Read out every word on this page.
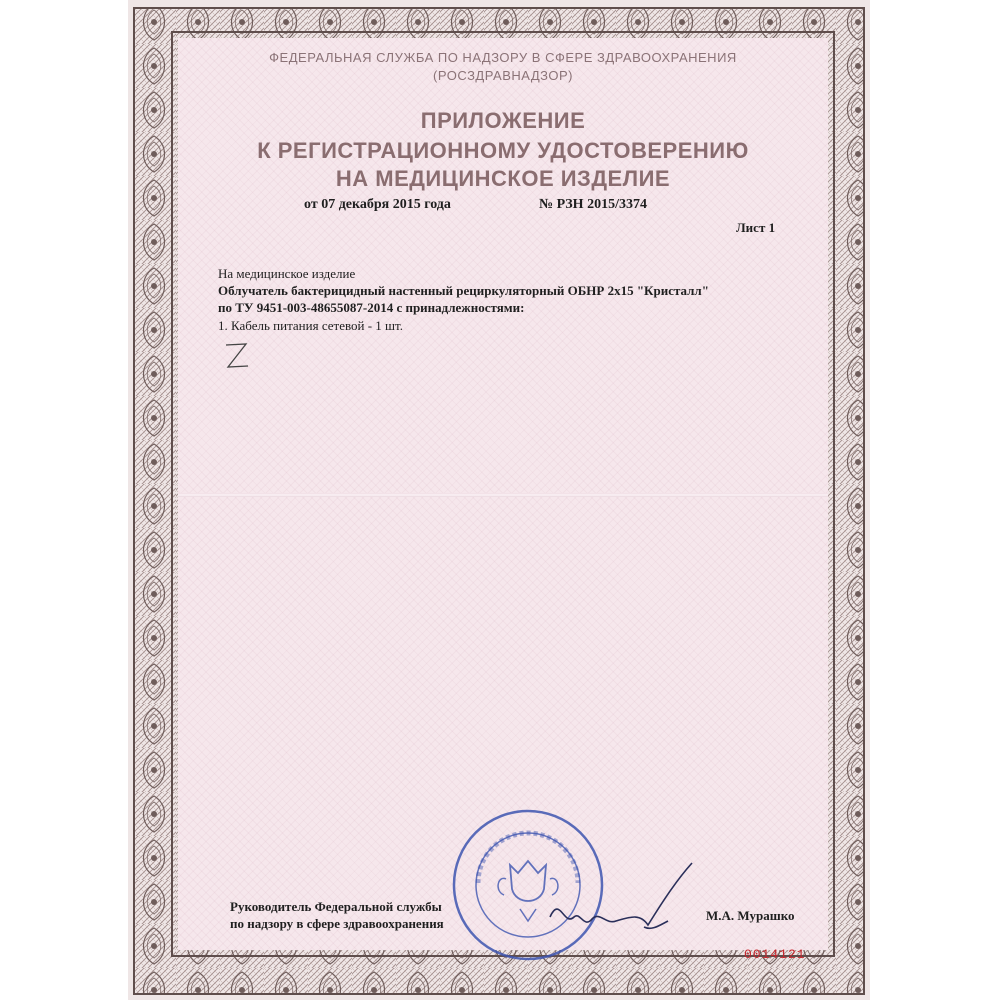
ФЕДЕРАЛЬНАЯ СЛУЖБА ПО НАДЗОРУ В СФЕРЕ ЗДРАВООХРАНЕНИЯ
(РОСЗДРАВНАДЗОР)
ПРИЛОЖЕНИЕ
К РЕГИСТРАЦИОННОМУ УДОСТОВЕРЕНИЮ
НА МЕДИЦИНСКОЕ ИЗДЕЛИЕ
от 07 декабря 2015 года	№ РЗН 2015/3374
Лист 1
На медицинское изделие
Облучатель бактерицидный настенный рециркуляторный ОБНР 2х15 "Кристалл"
по ТУ 9451-003-48655087-2014 с принадлежностями:
1. Кабель питания сетевой - 1 шт.
Руководитель Федеральной службы
по надзору в сфере здравоохранения
М.А. Мурашко
0014121
